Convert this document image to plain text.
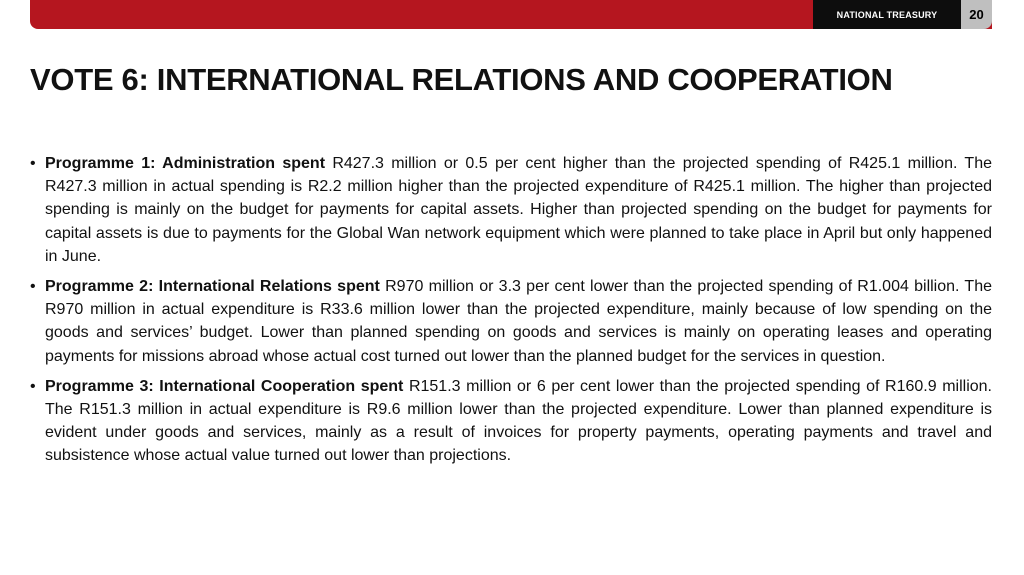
NATIONAL TREASURY 20
VOTE 6: INTERNATIONAL RELATIONS AND COOPERATION
• Programme 1: Administration spent R427.3 million or 0.5 per cent higher than the projected spending of R425.1 million. The R427.3 million in actual spending is R2.2 million higher than the projected expenditure of R425.1 million. The higher than projected spending is mainly on the budget for payments for capital assets. Higher than projected spending on the budget for payments for capital assets is due to payments for the Global Wan network equipment which were planned to take place in April but only happened in June.
• Programme 2: International Relations spent R970 million or 3.3 per cent lower than the projected spending of R1.004 billion. The R970 million in actual expenditure is R33.6 million lower than the projected expenditure, mainly because of low spending on the goods and services’ budget. Lower than planned spending on goods and services is mainly on operating leases and operating payments for missions abroad whose actual cost turned out lower than the planned budget for the services in question.
• Programme 3: International Cooperation spent R151.3 million or 6 per cent lower than the projected spending of R160.9 million. The R151.3 million in actual expenditure is R9.6 million lower than the projected expenditure. Lower than planned expenditure is evident under goods and services, mainly as a result of invoices for property payments, operating payments and travel and subsistence whose actual value turned out lower than projections.
